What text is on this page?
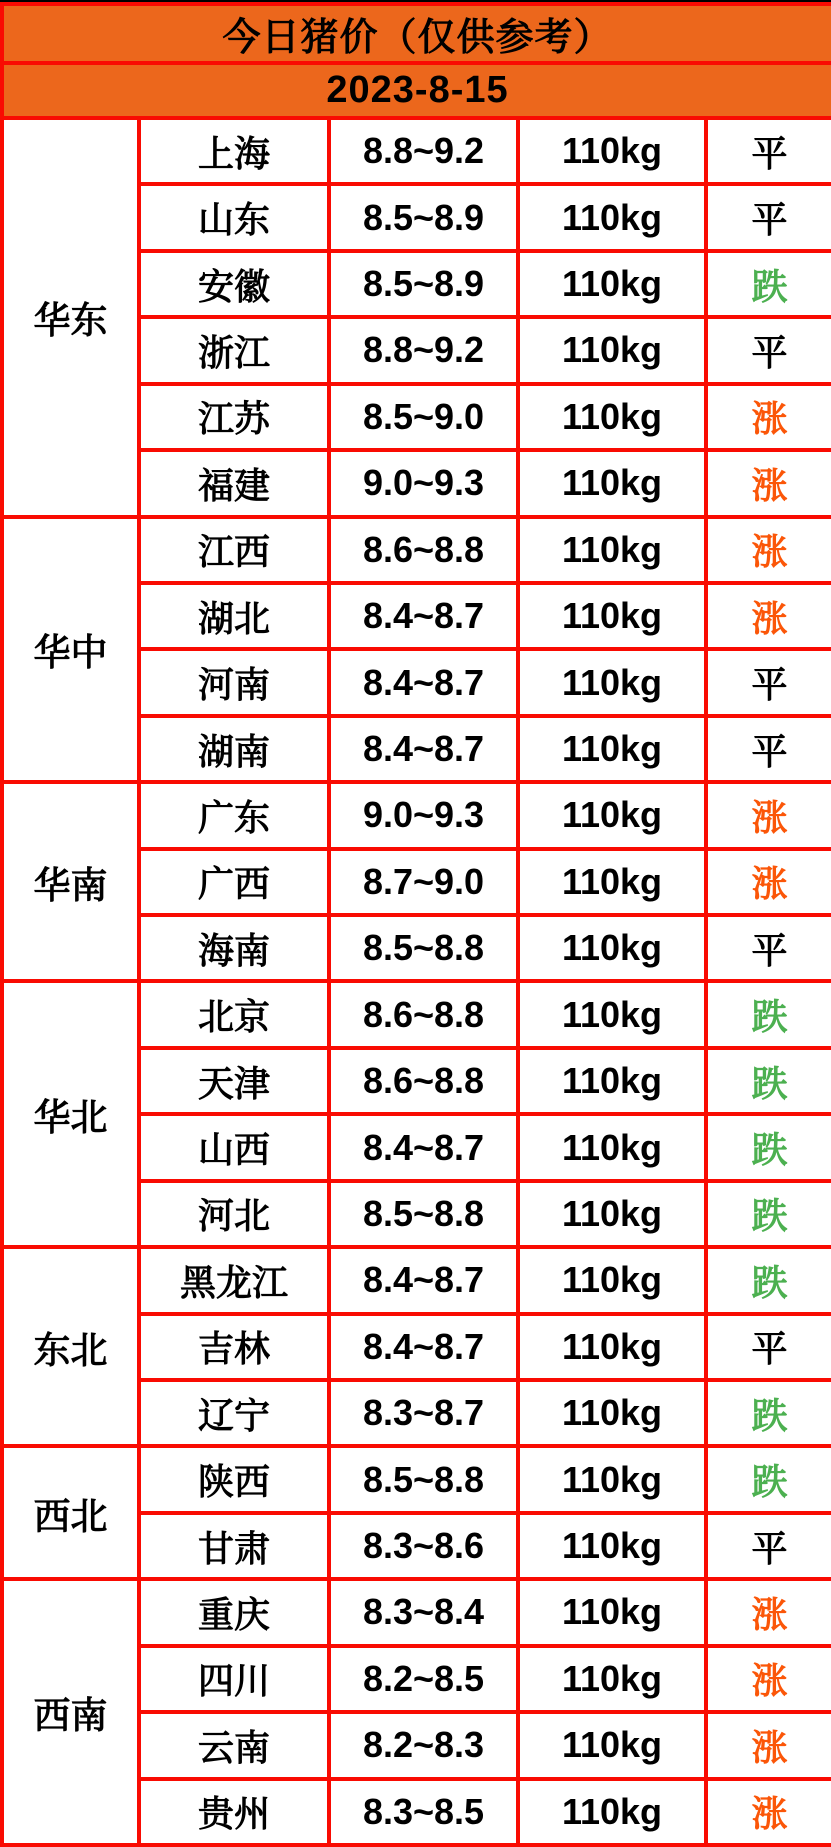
今日猪价（仅供参考）				
2023-8-15				
华东	上海	8.8~9.2	110kg	平
	山东	8.5~8.9	110kg	平
	安徽	8.5~8.9	110kg	跌
	浙江	8.8~9.2	110kg	平
	江苏	8.5~9.0	110kg	涨
	福建	9.0~9.3	110kg	涨
华中	江西	8.6~8.8	110kg	涨
	湖北	8.4~8.7	110kg	涨
	河南	8.4~8.7	110kg	平
	湖南	8.4~8.7	110kg	平
华南	广东	9.0~9.3	110kg	涨
	广西	8.7~9.0	110kg	涨
	海南	8.5~8.8	110kg	平
华北	北京	8.6~8.8	110kg	跌
	天津	8.6~8.8	110kg	跌
	山西	8.4~8.7	110kg	跌
	河北	8.5~8.8	110kg	跌
东北	黑龙江	8.4~8.7	110kg	跌
	吉林	8.4~8.7	110kg	平
	辽宁	8.3~8.7	110kg	跌
西北	陕西	8.5~8.8	110kg	跌
	甘肃	8.3~8.6	110kg	平
西南	重庆	8.3~8.4	110kg	涨
	四川	8.2~8.5	110kg	涨
	云南	8.2~8.3	110kg	涨
	贵州	8.3~8.5	110kg	涨
